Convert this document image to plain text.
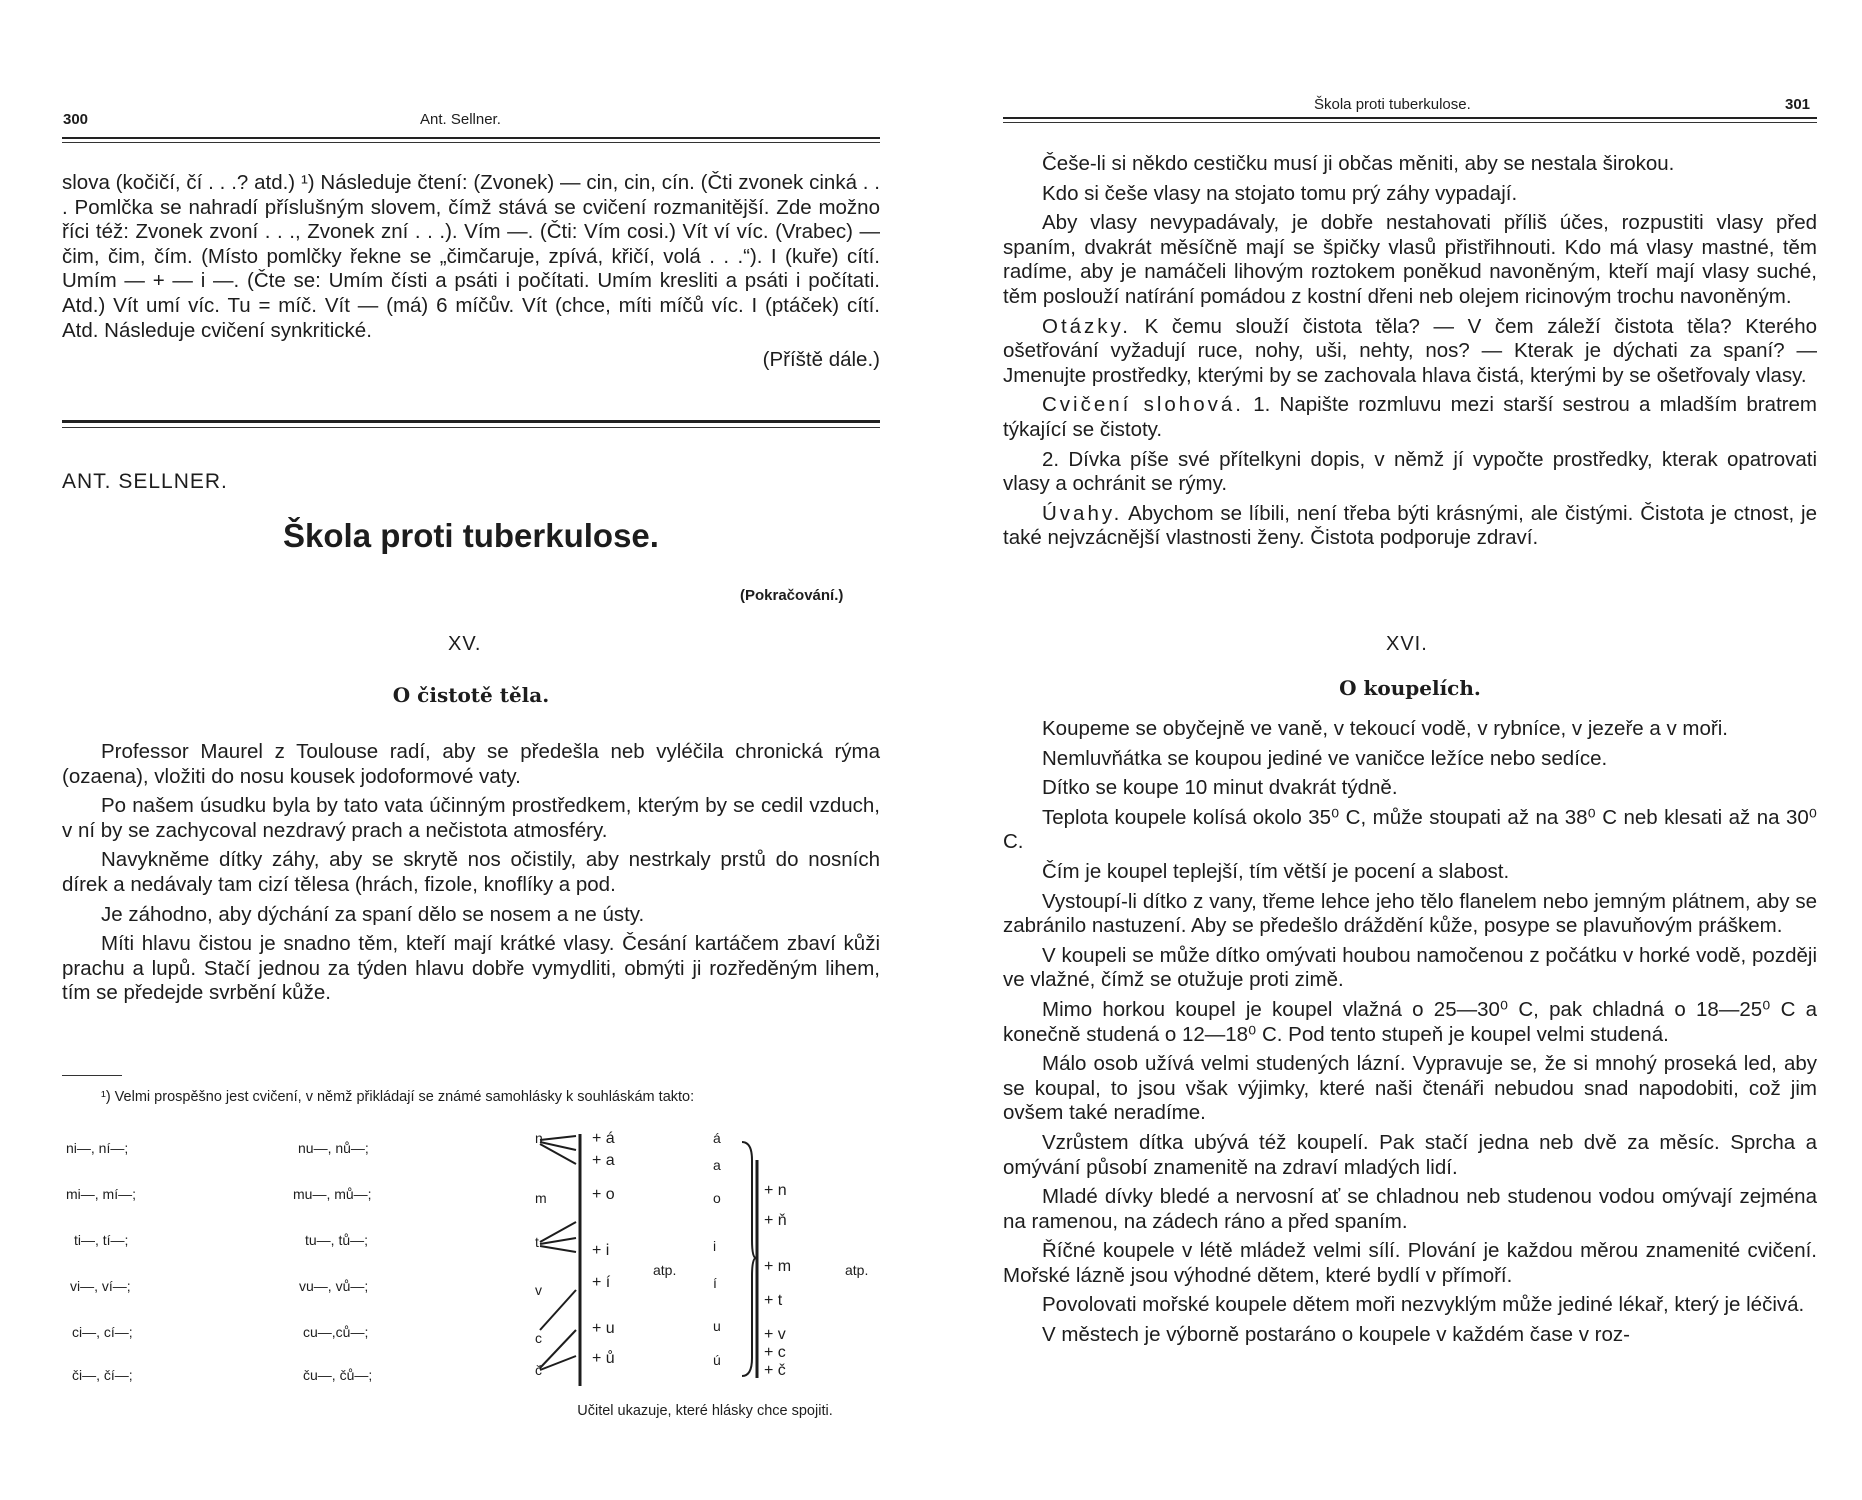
300	Ant. Sellner.

slova (kočičí, čí . . .? atd.) ¹) Následuje čtení: (Zvonek) — cin, cin, cín. (Čti zvonek cinká . . . Pomlčka se nahradí příslušným slovem, čímž stává se cvičení rozmanitější. Zde možno říci též: Zvonek zvoní . . ., Zvonek zní . . .). Vím —. (Čti: Vím cosi.) Vít ví víc. (Vrabec) — čim, čim, čím. (Místo pomlčky řekne se „čimčaruje, zpívá, křičí, volá . . .“). I (kuře) cítí. Umím — + — i —. (Čte se: Umím čísti a psáti i počítati. Umím kresliti a psáti i počítati. Atd.) Vít umí víc. Tu = míč. Vít — (má) 6 míčův. Vít (chce, míti míčů víc. I (ptáček) cítí. Atd. Následuje cvičení synkritické.

(Příště dále.)

ANT. SELLNER.
Škola proti tuberkulose.
(Pokračování.)
XV.
O čistotě těla.

Professor Maurel z Toulouse radí, aby se předešla neb vyléčila chronická rýma (ozaena), vložiti do nosu kousek jodoformové vaty.

Po našem úsudku byla by tato vata účinným prostředkem, kterým by se cedil vzduch, v ní by se zachycoval nezdravý prach a nečistota atmosféry.

Navykněme dítky záhy, aby se skrytě nos očistily, aby nestrkaly prstů do nosních dírek a nedávaly tam cizí tělesa (hrách, fizole, knoflíky a pod.

Je záhodno, aby dýchání za spaní dělo se nosem a ne ústy.

Míti hlavu čistou je snadno těm, kteří mají krátké vlasy. Česání kartáčem zbaví kůži prachu a lupů. Stačí jednou za týden hlavu dobře vymydliti, obmýti ji rozředěným lihem, tím se předejde svrbění kůže.

¹) Velmi prospěšno jest cvičení, v němž přikládají se známé samohlásky k souhláskám takto:
ni—, ní—;
mi—, mí—;
ti—, tí—;
vi—, ví—;
ci—, cí—;
či—, čí—;
nu—, nů—;
mu—, mů—;
tu—, tů—;
vu—, vů—;
cu—,ců—;
ču—, čů—;
n
m
t
v
c
č
+ á
+ a
+ o
+ i
+ í
+ u
+ ů
atp.
á
a
o
i
í
u
ú
+ n
+ ň
+ m
+ t
+ v
+ c
+ č
atp.
Učitel ukazuje, které hlásky chce spojiti.
Škola proti tuberkulose.	301

Češe-li si někdo cestičku musí ji občas měniti, aby se nestala širokou.

Kdo si češe vlasy na stojato tomu prý záhy vypadají.

Aby vlasy nevypadávaly, je dobře nestahovati příliš účes, rozpustiti vlasy před spaním, dvakrát měsíčně mají se špičky vlasů přistřihnouti. Kdo má vlasy mastné, těm radíme, aby je namáčeli lihovým roztokem poněkud navoněným, kteří mají vlasy suché, těm poslouží natírání pomádou z kostní dřeni neb olejem ricinovým trochu navoněným.

Otázky. K čemu slouží čistota těla? — V čem záleží čistota těla? Kterého ošetřování vyžadují ruce, nohy, uši, nehty, nos? — Kterak je dýchati za spaní? — Jmenujte prostředky, kterými by se zachovala hlava čistá, kterými by se ošetřovaly vlasy.

Cvičení slohová. 1. Napište rozmluvu mezi starší sestrou a mladším bratrem týkající se čistoty.

2. Dívka píše své přítelkyni dopis, v němž jí vypočte prostředky, kterak opatrovati vlasy a ochránit se rýmy.

Úvahy. Abychom se líbili, není třeba býti krásnými, ale čistými. Čistota je ctnost, je také nejvzácnější vlastnosti ženy. Čistota podporuje zdraví.

XVI.
O koupelích.

Koupeme se obyčejně ve vaně, v tekoucí vodě, v rybníce, v jezeře a v moři.

Nemluvňátka se koupou jediné ve vaničce ležíce nebo sedíce.

Dítko se koupe 10 minut dvakrát týdně.

Teplota koupele kolísá okolo 35⁰ C, může stoupati až na 38⁰ C neb klesati až na 30⁰ C.

Čím je koupel teplejší, tím větší je pocení a slabost.

Vystoupí-li dítko z vany, třeme lehce jeho tělo flanelem nebo jemným plátnem, aby se zabránilo nastuzení. Aby se předešlo dráždění kůže, posype se plavuňovým práškem.

V koupeli se může dítko omývati houbou namočenou z počátku v horké vodě, později ve vlažné, čímž se otužuje proti zimě.

Mimo horkou koupel je koupel vlažná o 25—30⁰ C, pak chladná o 18—25⁰ C a konečně studená o 12—18⁰ C. Pod tento stupeň je koupel velmi studená.

Málo osob užívá velmi studených lázní. Vypravuje se, že si mnohý proseká led, aby se koupal, to jsou však výjimky, které naši čtenáři nebudou snad napodobiti, což jim ovšem také neradíme.

Vzrůstem dítka ubývá též koupelí. Pak stačí jedna neb dvě za měsíc. Sprcha a omývání působí znamenitě na zdraví mladých lidí.

Mladé dívky bledé a nervosní ať se chladnou neb studenou vodou omývají zejména na ramenou, na zádech ráno a před spaním.

Říčné koupele v létě mládež velmi sílí. Plování je každou měrou znamenité cvičení. Mořské lázně jsou výhodné dětem, které bydlí v přímoří.

Povolovati mořské koupele dětem moři nezvyklým může jediné lékař, který je léčivá.

V městech je výborně postaráno o koupele v každém čase v roz-
